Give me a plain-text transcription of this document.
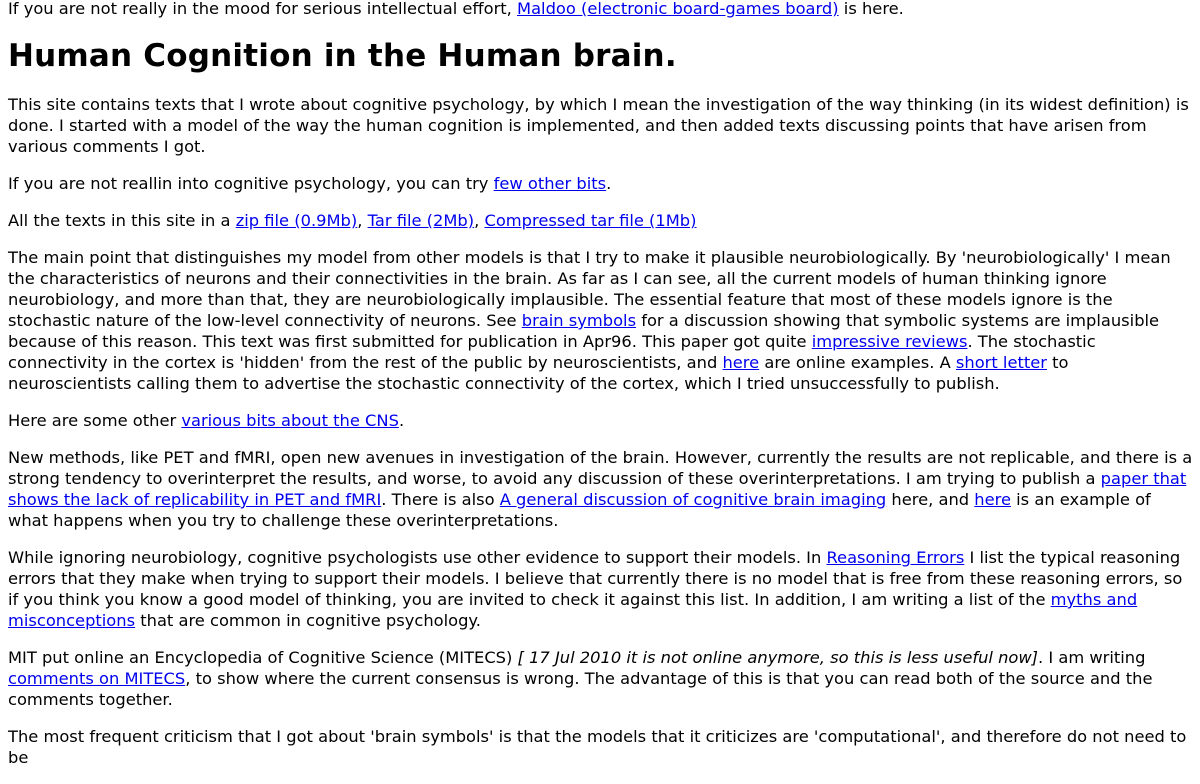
If you are not really in the mood for serious intellectual effort, Maldoo (electronic board-games board) is here.

Human Cognition in the Human brain.

This site contains texts that I wrote about cognitive psychology, by which I mean the investigation of the way thinking (in its widest definition) is done. I started with a model of the way the human cognition is implemented, and then added texts discussing points that have arisen from various comments I got.

If you are not reallin into cognitive psychology, you can try few other bits.

All the texts in this site in a zip file (0.9Mb), Tar file (2Mb), Compressed tar file (1Mb)

The main point that distinguishes my model from other models is that I try to make it plausible neurobiologically. By 'neurobiologically' I mean the characteristics of neurons and their connectivities in the brain. As far as I can see, all the current models of human thinking ignore neurobiology, and more than that, they are neurobiologically implausible. The essential feature that most of these models ignore is the stochastic nature of the low-level connectivity of neurons. See brain symbols for a discussion showing that symbolic systems are implausible because of this reason. This text was first submitted for publication in Apr96. This paper got quite impressive reviews. The stochastic connectivity in the cortex is 'hidden' from the rest of the public by neuroscientists, and here are online examples. A short letter to neuroscientists calling them to advertise the stochastic connectivity of the cortex, which I tried unsuccessfully to publish.

Here are some other various bits about the CNS.

New methods, like PET and fMRI, open new avenues in investigation of the brain. However, currently the results are not replicable, and there is a strong tendency to overinterpret the results, and worse, to avoid any discussion of these overinterpretations. I am trying to publish a paper that shows the lack of replicability in PET and fMRI. There is also A general discussion of cognitive brain imaging here, and here is an example of what happens when you try to challenge these overinterpretations.

While ignoring neurobiology, cognitive psychologists use other evidence to support their models. In Reasoning Errors I list the typical reasoning errors that they make when trying to support their models. I believe that currently there is no model that is free from these reasoning errors, so if you think you know a good model of thinking, you are invited to check it against this list. In addition, I am writing a list of the myths and misconceptions that are common in cognitive psychology.

MIT put online an Encyclopedia of Cognitive Science (MITECS) [ 17 Jul 2010 it is not online anymore, so this is less useful now]. I am writing comments on MITECS, to show where the current consensus is wrong. The advantage of this is that you can read both of the source and the comments together.

The most frequent criticism that I got about 'brain symbols' is that the models that it criticizes are 'computational', and therefore do not need to be
